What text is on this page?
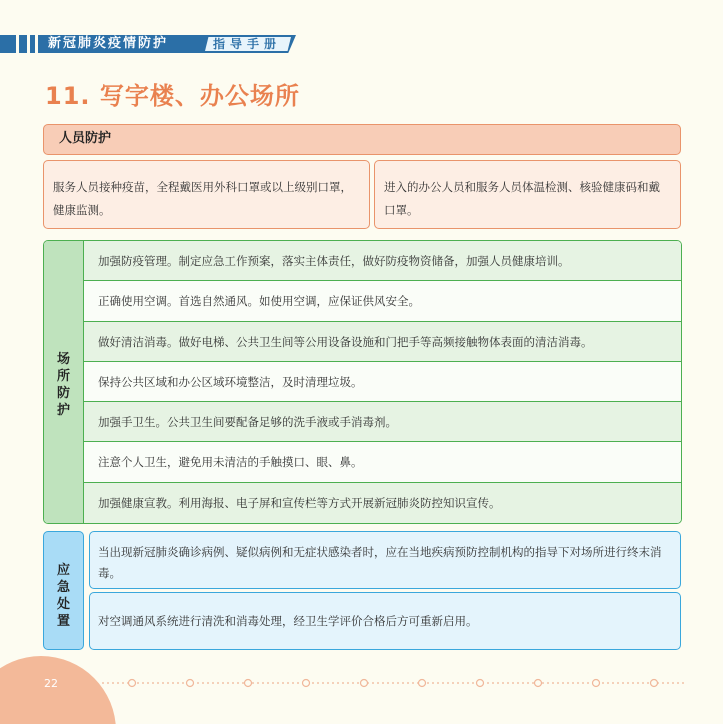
新冠肺炎疫情防护	指导手册
11. 写字楼、办公场所
人员防护
服务人员接种疫苗，全程戴医用外科口罩或以上级别口罩，健康监测。
进入的办公人员和服务人员体温检测、核验健康码和戴口罩。
场
所
防
护
加强防疫管理。制定应急工作预案，落实主体责任，做好防疫物资储备，加强人员健康培训。
正确使用空调。首选自然通风。如使用空调，应保证供风安全。
做好清洁消毒。做好电梯、公共卫生间等公用设备设施和门把手等高频接触物体表面的清洁消毒。
保持公共区域和办公区域环境整洁，及时清理垃圾。
加强手卫生。公共卫生间要配备足够的洗手液或手消毒剂。
注意个人卫生，避免用未清洁的手触摸口、眼、鼻。
加强健康宣教。利用海报、电子屏和宣传栏等方式开展新冠肺炎防控知识宣传。
应
急
处
置
当出现新冠肺炎确诊病例、疑似病例和无症状感染者时，应在当地疾病预防控制机构的指导下对场所进行终末消毒。
对空调通风系统进行清洗和消毒处理，经卫生学评价合格后方可重新启用。
22
